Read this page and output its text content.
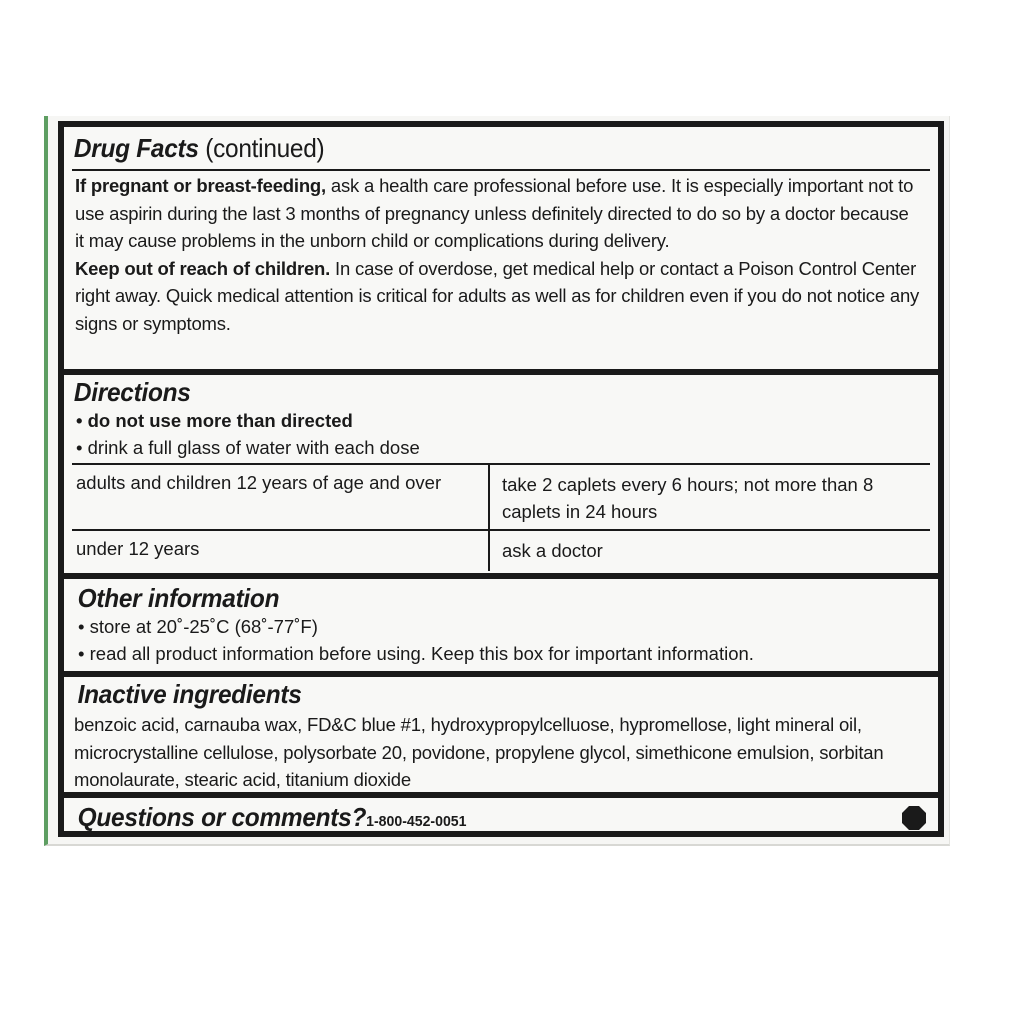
Drug Facts (continued)
If pregnant or breast-feeding, ask a health care professional before use. It is especially important not to use aspirin during the last 3 months of pregnancy unless definitely directed to do so by a doctor because it may cause problems in the unborn child or complications during delivery.
Keep out of reach of children. In case of overdose, get medical help or contact a Poison Control Center right away. Quick medical attention is critical for adults as well as for children even if you do not notice any signs or symptoms.
Directions
• do not use more than directed
• drink a full glass of water with each dose
adults and children 12 years of age and over	take 2 caplets every 6 hours; not more than 8 caplets in 24 hours
under 12 years	ask a doctor
Other information
• store at 20˚-25˚C (68˚-77˚F)
• read all product information before using. Keep this box for important information.
Inactive ingredients
benzoic acid, carnauba wax, FD&C blue #1, hydroxypropylcelluose, hypromellose, light mineral oil, microcrystalline cellulose, polysorbate 20, povidone, propylene glycol, simethicone emulsion, sorbitan monolaurate, stearic acid, titanium dioxide
Questions or comments?1-800-452-0051
